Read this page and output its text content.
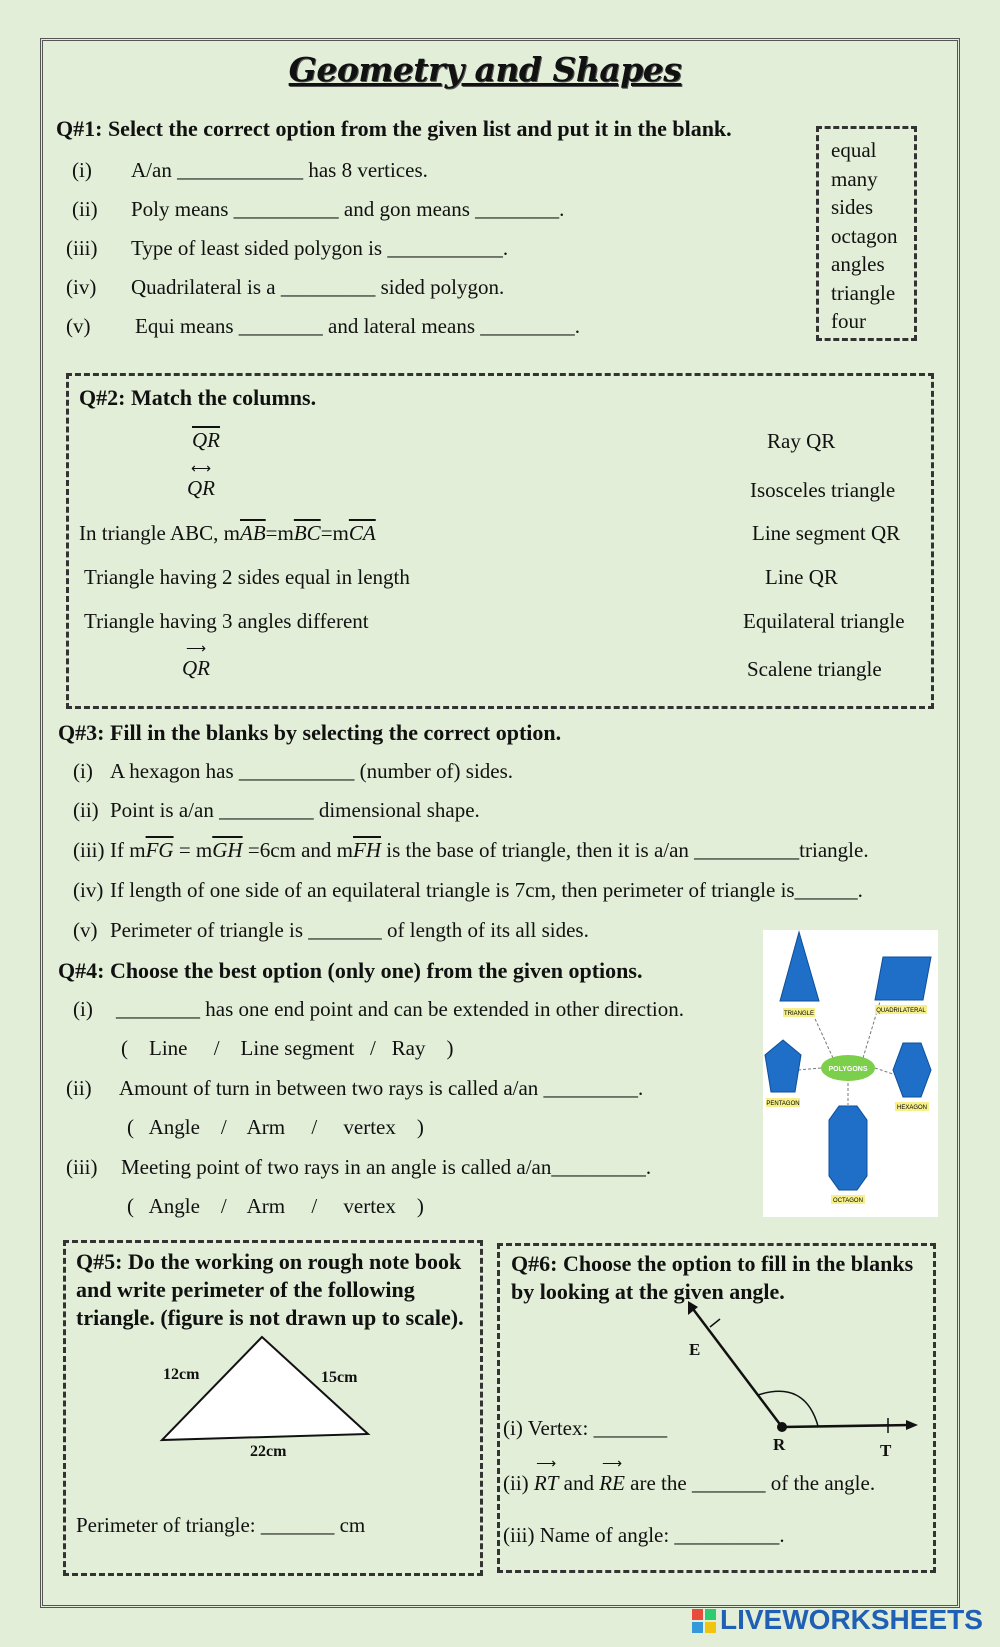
Geometry and Shapes
Q#1: Select the correct option from the given list and put it in the blank.
(i) A/an ____________ has 8 vertices.
(ii) Poly means __________ and gon means ________.
(iii) Type of least sided polygon is ___________.
(iv) Quadrilateral is a _________ sided polygon.
(v) Equi means ________ and lateral means _________.
equal
many
sides
octagon
angles
triangle
four
Q#2: Match the columns.
$\overline{QR}$
⟷
QR
In triangle ABC, $m\overline{AB}=m\overline{BC}=m\overline{CA}$
Triangle having 2 sides equal in length
Triangle having 3 angles different
⟶
QR
Ray QR
Isosceles triangle
Line segment QR
Line QR
Equilateral triangle
Scalene triangle
Q#3: Fill in the blanks by selecting the correct option.
(i) A hexagon has ___________ (number of) sides.
(ii) Point is a/an _________ dimensional shape.
(iii) If $m\overline{FG} = m\overline{GH} =6cm$ and $m\overline{FH}$ is the base of triangle, then it is a/an __________triangle.
(iv) If length of one side of an equilateral triangle is 7cm, then perimeter of triangle is______.
(v) Perimeter of triangle is _______ of length of its all sides.
Q#4: Choose the best option (only one) from the given options.
(i) ________ has one end point and can be extended in other direction.
(    Line     /    Line segment   /   Ray    )
(ii) Amount of turn in between two rays is called a/an _________.
(   Angle    /    Arm     /     vertex    )
(iii) Meeting point of two rays in an angle is called a/an_________.
(   Angle    /    Arm     /     vertex    )
POLYGONS
TRIANGLE	QUADRILATERAL
PENTAGON
HEXAGON
OCTAGON
Q#5: Do the working on rough note book and write perimeter of the following triangle. (figure is not drawn up to scale).
12cm	15cm
22cm
Perimeter of triangle: _______ cm
Q#6: Choose the option to fill in the blanks by looking at the given angle.
E
R	T
(i) Vertex: _______
(ii)
⟶
RT and
⟶
RE are the _______ of the angle.
(iii) Name of angle: __________.
LIVEWORKSHEETS
